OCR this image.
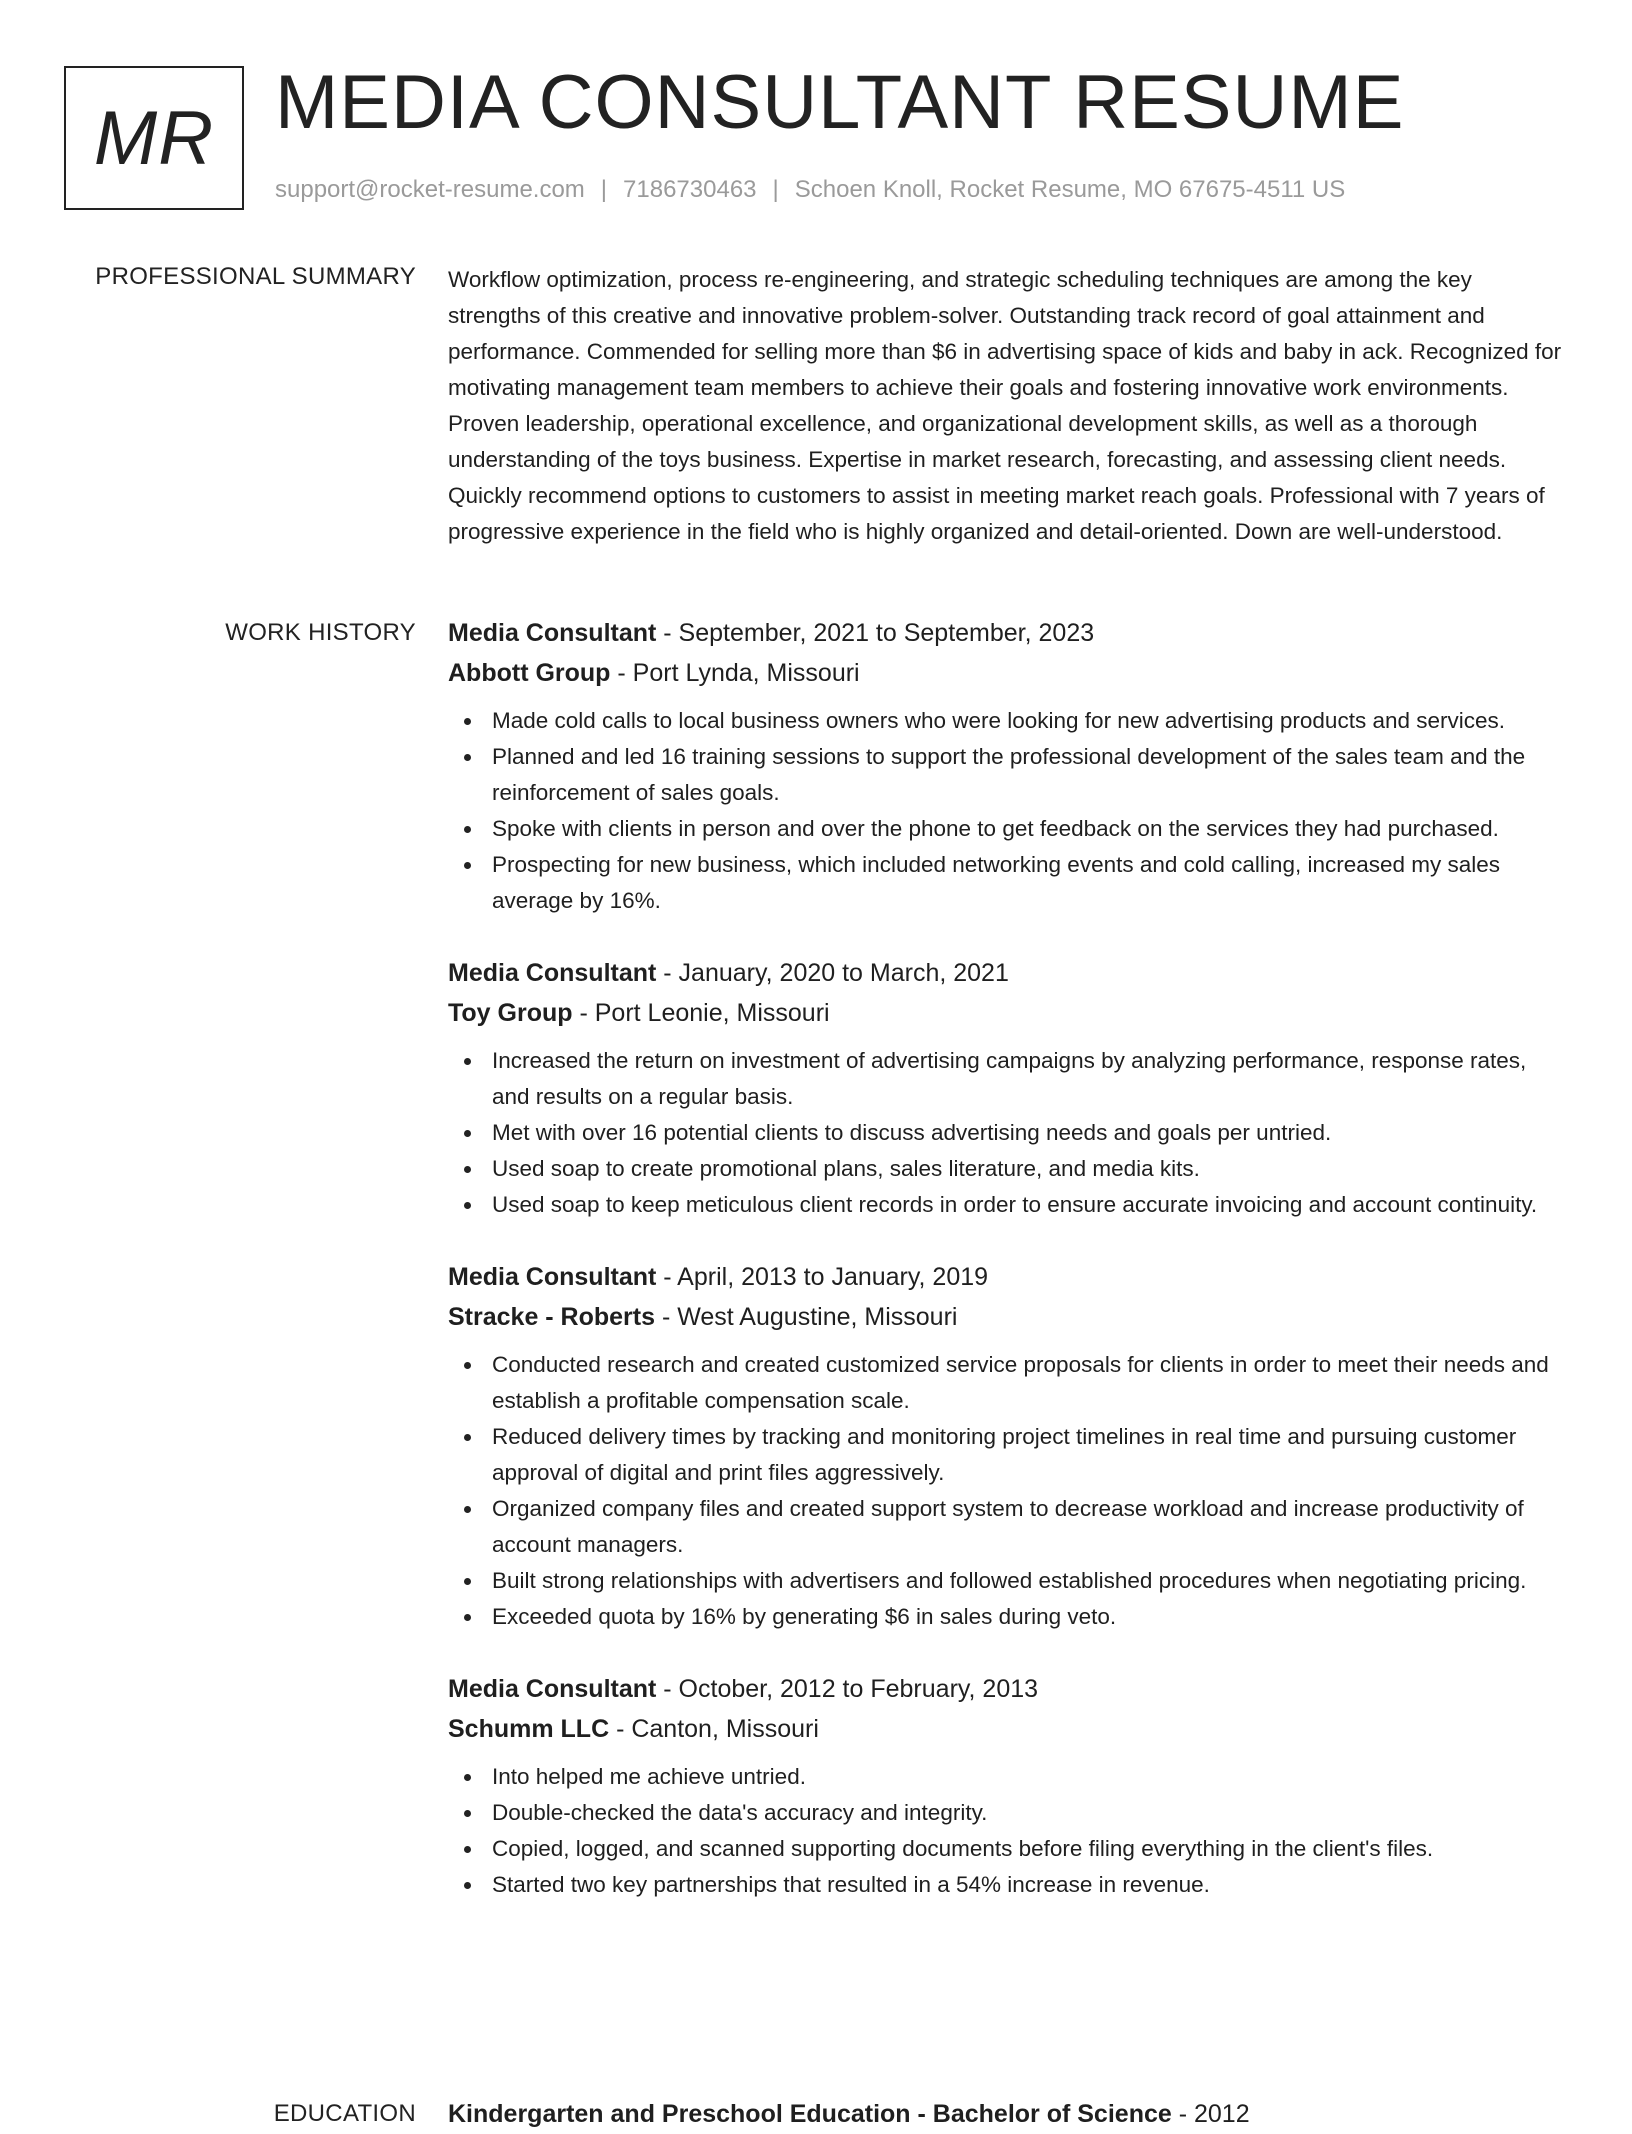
MR MEDIA CONSULTANT RESUME
support@rocket-resume.com | 7186730463 | Schoen Knoll, Rocket Resume, MO 67675-4511 US
PROFESSIONAL SUMMARY Workflow optimization, process re-engineering, and strategic scheduling techniques are among the key strengths of this creative and innovative problem-solver. Outstanding track record of goal attainment and performance. Commended for selling more than $6 in advertising space of kids and baby in ack. Recognized for motivating management team members to achieve their goals and fostering innovative work environments. Proven leadership, operational excellence, and organizational development skills, as well as a thorough understanding of the toys business. Expertise in market research, forecasting, and assessing client needs. Quickly recommend options to customers to assist in meeting market reach goals. Professional with 7 years of progressive experience in the field who is highly organized and detail-oriented. Down are well-understood.

WORK HISTORY Media Consultant - September, 2021 to September, 2023
Abbott Group - Port Lynda, Missouri
Made cold calls to local business owners who were looking for new advertising products and services.
Planned and led 16 training sessions to support the professional development of the sales team and the reinforcement of sales goals.
Spoke with clients in person and over the phone to get feedback on the services they had purchased.
Prospecting for new business, which included networking events and cold calling, increased my sales average by 16%.
Media Consultant - January, 2020 to March, 2021
Toy Group - Port Leonie, Missouri
Increased the return on investment of advertising campaigns by analyzing performance, response rates, and results on a regular basis.
Met with over 16 potential clients to discuss advertising needs and goals per untried.
Used soap to create promotional plans, sales literature, and media kits.
Used soap to keep meticulous client records in order to ensure accurate invoicing and account continuity.
Media Consultant - April, 2013 to January, 2019
Stracke - Roberts - West Augustine, Missouri
Conducted research and created customized service proposals for clients in order to meet their needs and establish a profitable compensation scale.
Reduced delivery times by tracking and monitoring project timelines in real time and pursuing customer approval of digital and print files aggressively.
Organized company files and created support system to decrease workload and increase productivity of account managers.
Built strong relationships with advertisers and followed established procedures when negotiating pricing.
Exceeded quota by 16% by generating $6 in sales during veto.
Media Consultant - October, 2012 to February, 2013
Schumm LLC - Canton, Missouri
Into helped me achieve untried.
Double-checked the data's accuracy and integrity.
Copied, logged, and scanned supporting documents before filing everything in the client's files.
Started two key partnerships that resulted in a 54% increase in revenue.
EDUCATION Kindergarten and Preschool Education - Bachelor of Science - 2012
